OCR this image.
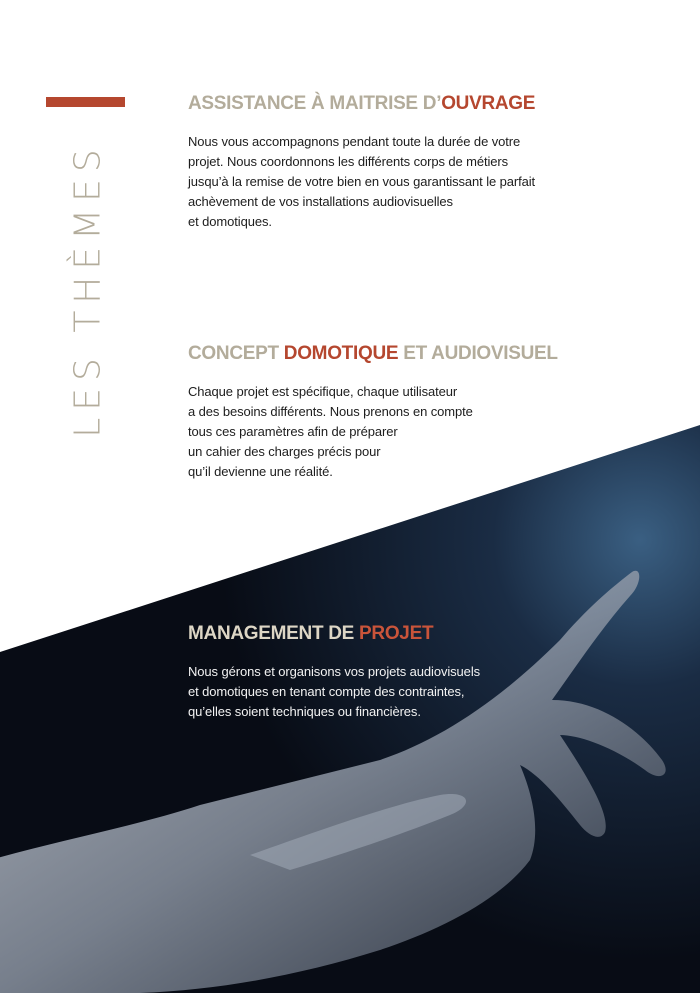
LES THÈMES
ASSISTANCE À MAITRISE D’OUVRAGE

Nous vous accompagnons pendant toute la durée de votre
projet. Nous coordonnons les différents corps de métiers
jusqu’à la remise de votre bien en vous garantissant le parfait
achèvement de vos installations audiovisuelles
et domotiques.

CONCEPT DOMOTIQUE ET AUDIOVISUEL

Chaque projet est spécifique, chaque utilisateur
a des besoins différents. Nous prenons en compte
tous ces paramètres afin de préparer
un cahier des charges précis pour
qu’il devienne une réalité.

MANAGEMENT DE PROJET

Nous gérons et organisons vos projets audiovisuels
et domotiques en tenant compte des contraintes,
qu’elles soient techniques ou financières.
